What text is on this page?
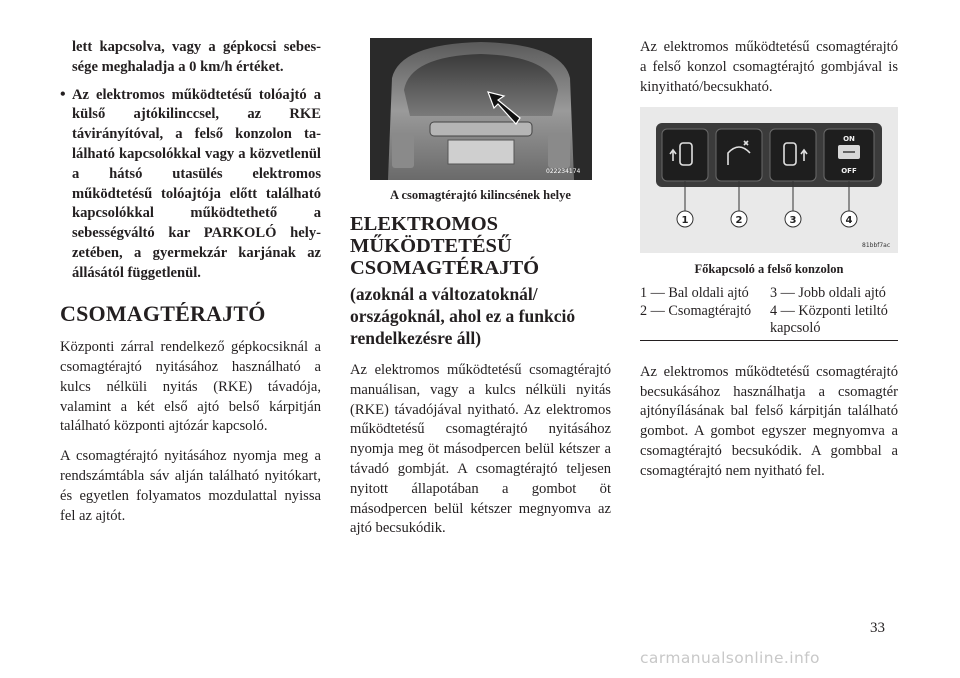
lett kapcsolva, vagy a gépkocsi sebessége meghaladja a 0 km/h értéket.

• Az elektromos működtetésű tolóajtó a külső ajtókilinccsel, az RKE távirányítóval, a felső konzolon található kapcsolókkal vagy a közvetlenül a hátsó utasülés elektromos működtetésű tolóajtója előtt található kapcsolókkal működtethető a sebességváltó kar PARKOLÓ helyzetében, a gyermekzár karjának az állásától függetlenül.

CSOMAGTÉRAJTÓ

Központi zárral rendelkező gépkocsiknál a csomagtérajtó nyitásához használható a kulcs nélküli nyitás (RKE) távadója, valamint a két első ajtó belső kárpitján található központi ajtózár kapcsoló.

A csomagtérajtó nyitásához nyomja meg a rendszámtábla sáv alján található nyitókart, és egyetlen folyamatos mozdulattal nyissa fel az ajtót.

022234174
A csomagtérajtó kilincsének helye
ELEKTROMOS MŰKÖDTETÉSŰ CSOMAGTÉRAJTÓ
(azoknál a változatoknál/ országoknál, ahol ez a funkció rendelkezésre áll)

Az elektromos működtetésű csomagtérajtó manuálisan, vagy a kulcs nélküli nyitás (RKE) távadójával nyitható. Az elektromos működtetésű csomagtérajtó nyitásához nyomja meg öt másodpercen belül kétszer a távadó gombját. A csomagtérajtó teljesen nyitott állapotában a gombot öt másodpercen belül kétszer megnyomva az ajtó becsukódik.

Az elektromos működtetésű csomagtérajtó a felső konzol csomagtérajtó gombjával is kinyitható/becsukható.

ON
OFF
1	2	3	4
81bbf7ac
Főkapcsoló a felső konzolon
1 — Bal oldali ajtó	3 — Jobb oldali ajtó
2 — Csomagtérajtó	4 — Központi letiltó kapcsoló

Az elektromos működtetésű csomagtérajtó becsukásához használhatja a csomagtér ajtónyílásának bal felső kárpitján található gombot. A gombot egyszer megnyomva a csomagtérajtó becsukódik. A gombbal a csomagtérajtó nem nyitható fel.

33
carmanualsonline.info
